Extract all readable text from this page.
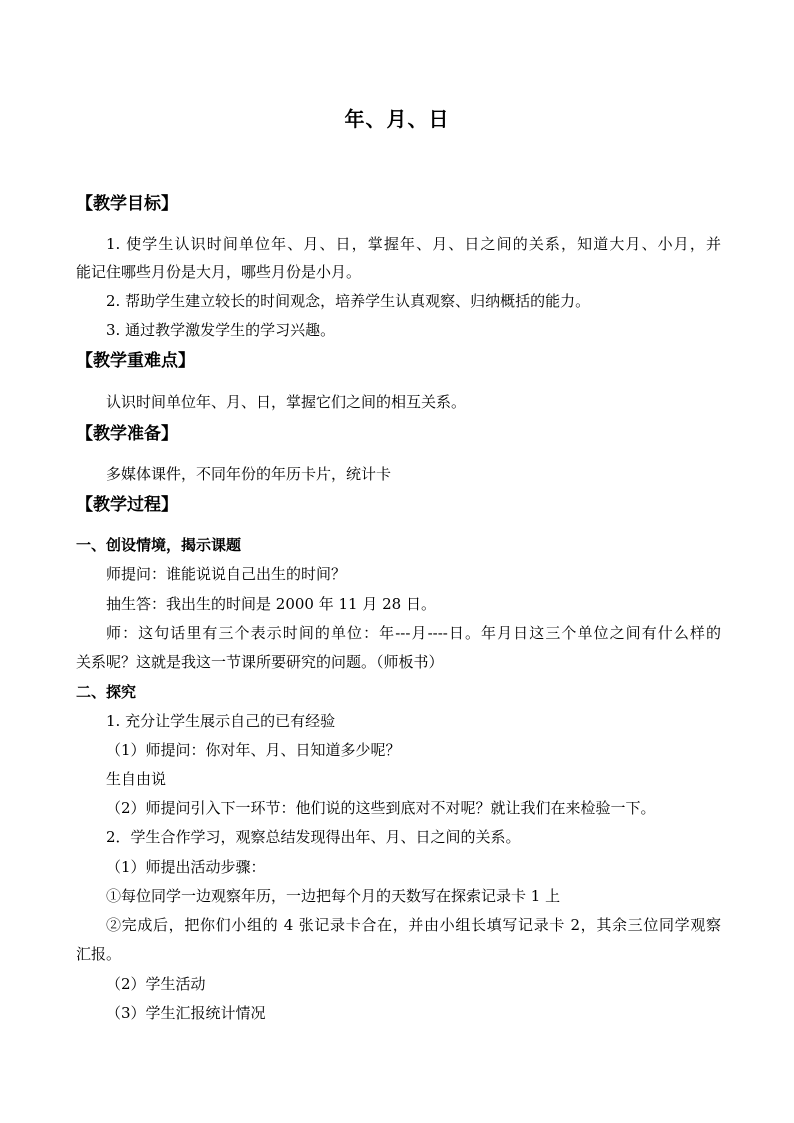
年、月、日
【教学目标】
1. 使学生认识时间单位年、月、日，掌握年、月、日之间的关系，知道大月、小月，并
能记住哪些月份是大月，哪些月份是小月。
2. 帮助学生建立较长的时间观念，培养学生认真观察、归纳概括的能力。
3. 通过教学激发学生的学习兴趣。
【教学重难点】
认识时间单位年、月、日，掌握它们之间的相互关系。
【教学准备】
多媒体课件，不同年份的年历卡片，统计卡
【教学过程】
一、创设情境，揭示课题
师提问：谁能说说自己出生的时间？
抽生答：我出生的时间是 2000 年 11 月 28 日。
师：这句话里有三个表示时间的单位：年---月----日。年月日这三个单位之间有什么样的
关系呢？这就是我这一节课所要研究的问题。（师板书）
二、探究
1. 充分让学生展示自己的已有经验
（1）师提问：你对年、月、日知道多少呢？
生自由说
（2）师提问引入下一环节：他们说的这些到底对不对呢？就让我们在来检验一下。
2．学生合作学习，观察总结发现得出年、月、日之间的关系。
（1）师提出活动步骤：
①每位同学一边观察年历，一边把每个月的天数写在探索记录卡 1 上
②完成后，把你们小组的 4 张记录卡合在，并由小组长填写记录卡 2，其余三位同学观察
汇报。
（2）学生活动
（3）学生汇报统计情况
